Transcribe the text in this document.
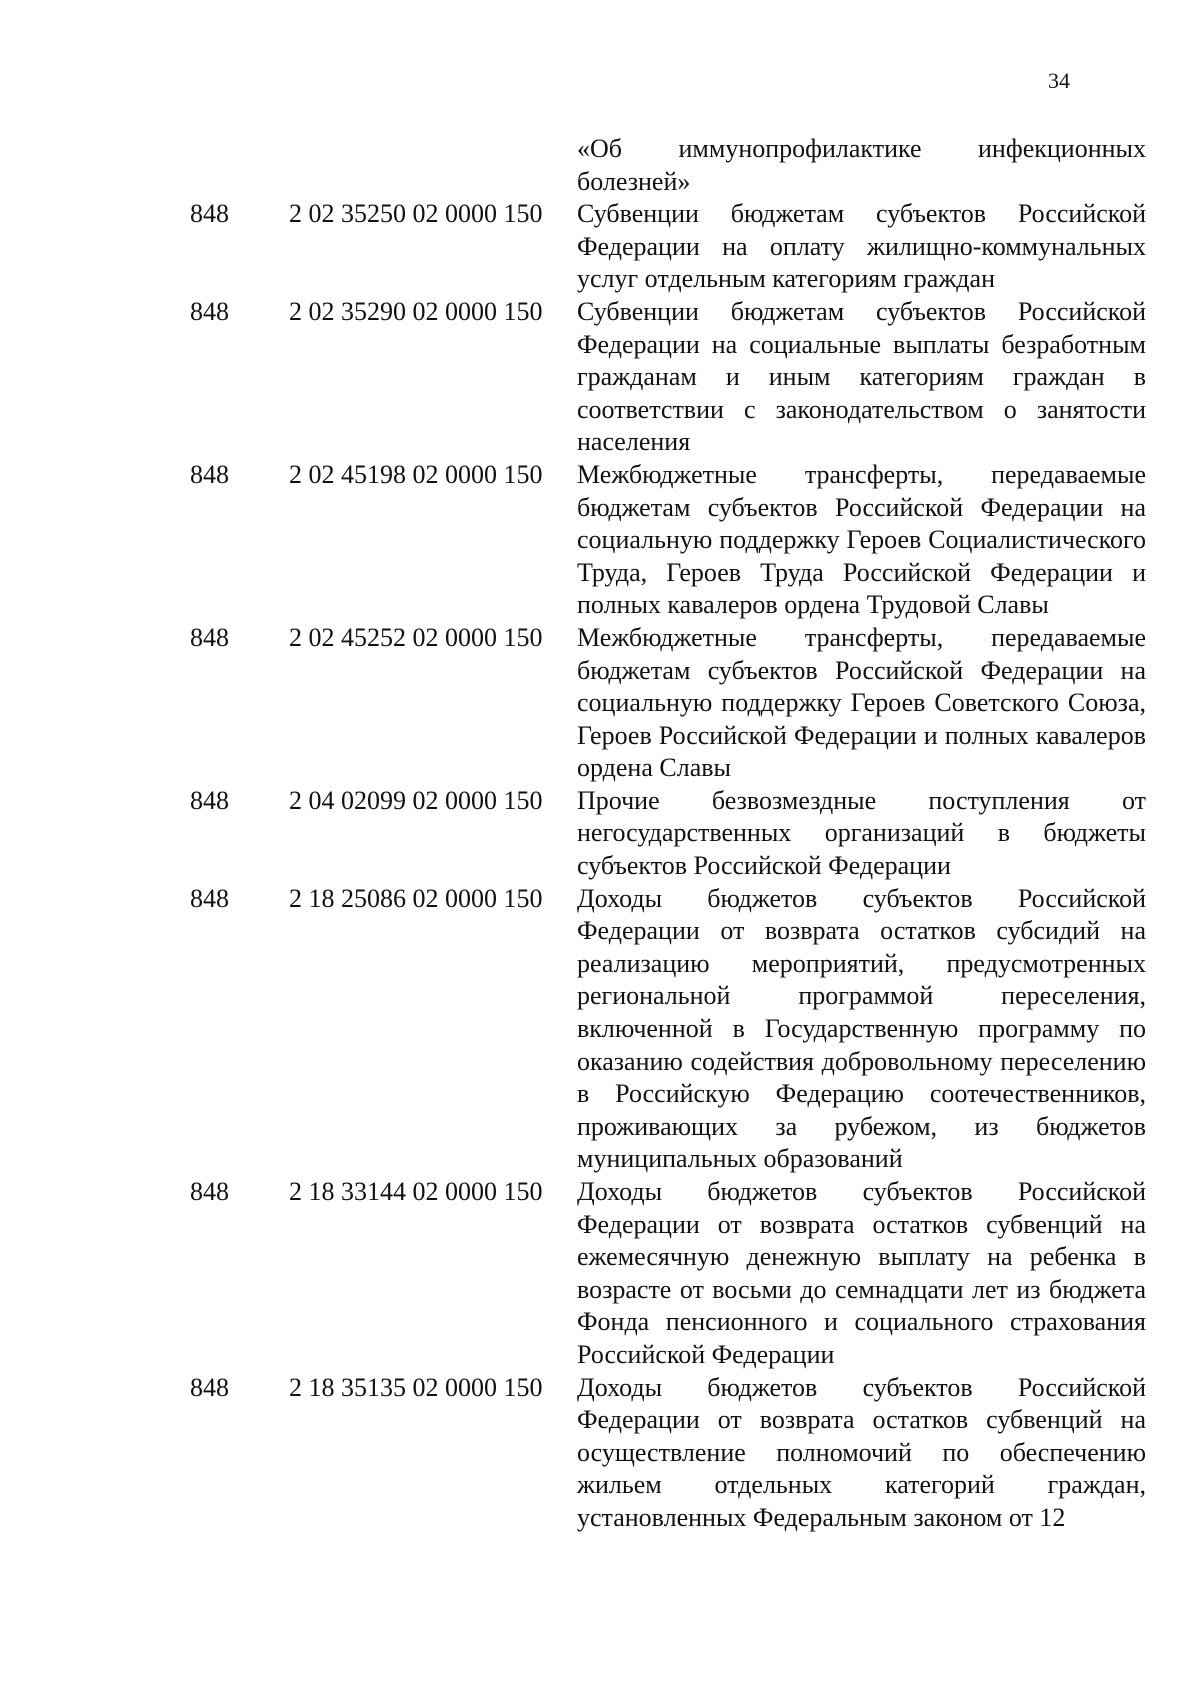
34
«Об иммунопрофилактике инфекционных болезней»
848 2 02 35250 02 0000 150 Субвенции бюджетам субъектов Российской Федерации на оплату жилищно-коммунальных услуг отдельным категориям граждан
848 2 02 35290 02 0000 150 Субвенции бюджетам субъектов Российской Федерации на социальные выплаты безработным гражданам и иным категориям граждан в соответствии с законодательством о занятости населения
848 2 02 45198 02 0000 150 Межбюджетные трансферты, передаваемые бюджетам субъектов Российской Федерации на социальную поддержку Героев Социалистического Труда, Героев Труда Российской Федерации и полных кавалеров ордена Трудовой Славы
848 2 02 45252 02 0000 150 Межбюджетные трансферты, передаваемые бюджетам субъектов Российской Федерации на социальную поддержку Героев Советского Союза, Героев Российской Федерации и полных кавалеров ордена Славы
848 2 04 02099 02 0000 150 Прочие безвозмездные поступления от негосударственных организаций в бюджеты субъектов Российской Федерации
848 2 18 25086 02 0000 150 Доходы бюджетов субъектов Российской Федерации от возврата остатков субсидий на реализацию мероприятий, предусмотренных региональной программой переселения, включенной в Государственную программу по оказанию содействия добровольному переселению в Российскую Федерацию соотечественников, проживающих за рубежом, из бюджетов муниципальных образований
848 2 18 33144 02 0000 150 Доходы бюджетов субъектов Российской Федерации от возврата остатков субвенций на ежемесячную денежную выплату на ребенка в возрасте от восьми до семнадцати лет из бюджета Фонда пенсионного и социального страхования Российской Федерации
848 2 18 35135 02 0000 150 Доходы бюджетов субъектов Российской Федерации от возврата остатков субвенций на осуществление полномочий по обеспечению жильем отдельных категорий граждан, установленных Федеральным законом от 12
